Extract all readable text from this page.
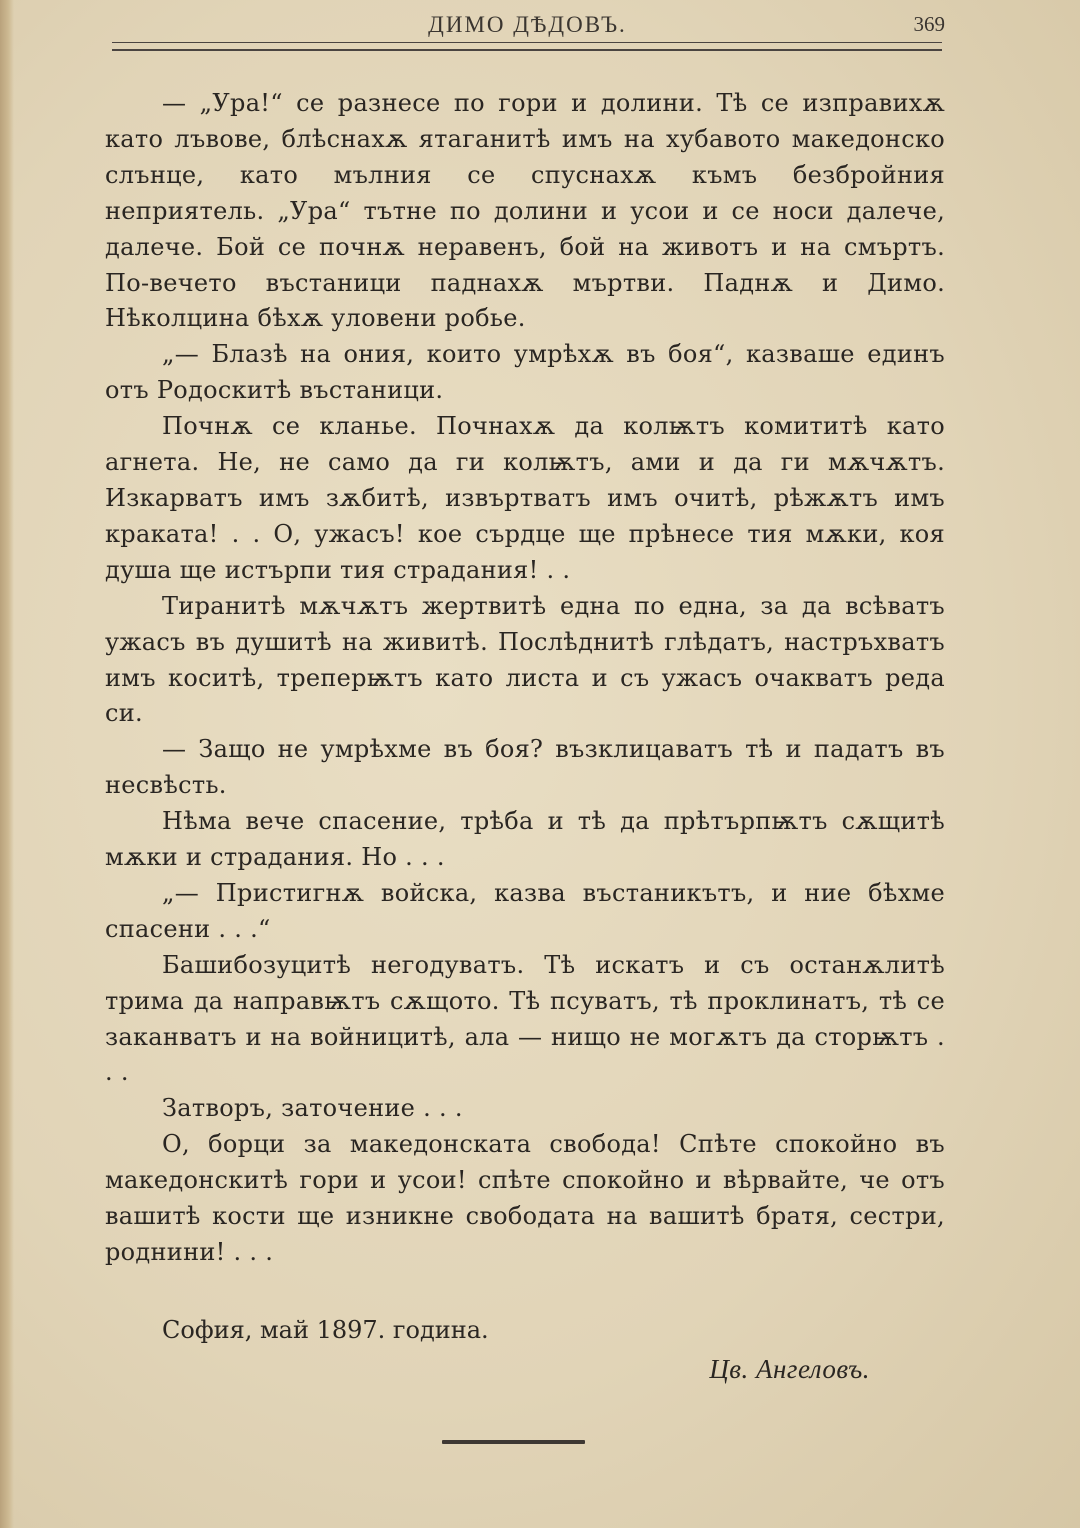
ДИМО ДѢДОВЪ.	369

— „Ура!“ се разнесе по гори и долини. Тѣ се изправихѫ като лъвове, блѣснахѫ ятаганитѣ имъ на хубавото македонско слънце, като мълния се спуснахѫ къмъ безбройния неприятель. „Ура“ тътне по долини и усои и се носи далече, далече. Бой се почнѫ неравенъ, бой на животъ и на смъртъ. По-вечето въстаници паднахѫ мъртви. Паднѫ и Димо. Нѣколцина бѣхѫ уловени робье.

„— Блазѣ на ония, които умрѣхѫ въ боя“, казваше единъ отъ Родоскитѣ въстаници.

Почнѫ се кланье. Почнахѫ да колѭтъ комититѣ като агнета. Не, не само да ги колѭтъ, ами и да ги мѫчѫтъ. Изкарватъ имъ зѫбитѣ, извъртватъ имъ очитѣ, рѣжѫтъ имъ краката! . . О, ужасъ! кое сърдце ще прѣнесе тия мѫки, коя душа ще истърпи тия страдания! . .

Тиранитѣ мѫчѫтъ жертвитѣ една по една, за да всѣватъ ужасъ въ душитѣ на живитѣ. Послѣднитѣ глѣдатъ, настръхватъ имъ коситѣ, треперѭтъ като листа и съ ужасъ очакватъ реда си.

— Защо не умрѣхме въ боя? възклицаватъ тѣ и падатъ въ несвѣсть.

Нѣма вече спасение, трѣба и тѣ да прѣтърпѭтъ сѫщитѣ мѫки и страдания. Но . . .

„— Пристигнѫ войска, казва въстаникътъ, и ние бѣхме спасени . . .“

Башибозуцитѣ негодуватъ. Тѣ искатъ и съ останѫлитѣ трима да направѭтъ сѫщото. Тѣ псуватъ, тѣ проклинатъ, тѣ се заканватъ и на войницитѣ, ала — нищо не могѫтъ да сторѭтъ . . .

Затворъ, заточение . . .

О, борци за македонската свобода! Спѣте спокойно въ македонскитѣ гори и усои! спѣте спокойно и вѣрвайте, че отъ вашитѣ кости ще изникне свободата на вашитѣ братя, сестри, роднини! . . .

София, май 1897. година.
Цв. Ангеловъ.
